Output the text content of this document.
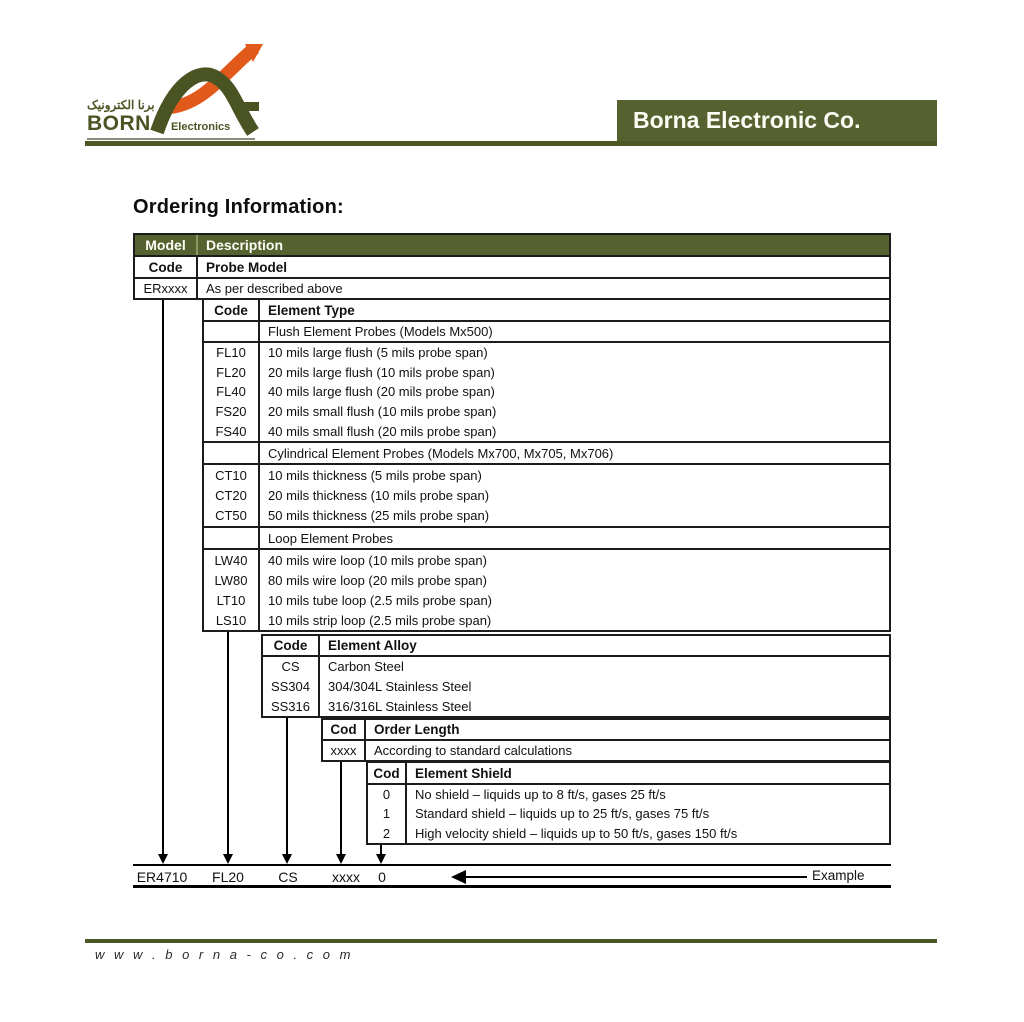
برنا الکترونیک
BORNA Electronics	Borna Electronic Co.
Ordering Information:
Model	Description
Code	Probe Model
ERxxxx	As per described above
Code	Element Type
Flush Element Probes (Models Mx500)
FL10	10 mils large flush (5 mils probe span)
FL20	20 mils large flush (10 mils probe span)
FL40	40 mils large flush (20 mils probe span)
FS20	20 mils small flush (10 mils probe span)
FS40	40 mils small flush (20 mils probe span)
Cylindrical Element Probes (Models Mx700, Mx705, Mx706)
CT10	10 mils thickness (5 mils probe span)
CT20	20 mils thickness (10 mils probe span)
CT50	50 mils thickness (25 mils probe span)
Loop Element Probes
LW40	40 mils wire loop (10 mils probe span)
LW80	80 mils wire loop (20 mils probe span)
LT10	10 mils tube loop (2.5 mils probe span)
LS10	10 mils strip loop (2.5 mils probe span)
Code	Element Alloy
CS	Carbon Steel
SS304	304/304L Stainless Steel
SS316	316/316L Stainless Steel
Cod	Order Length
xxxx	According to standard calculations
Cod	Element Shield
0	No shield – liquids up to 8 ft/s, gases 25 ft/s
1	Standard shield – liquids up to 25 ft/s, gases 75 ft/s
2	High velocity shield – liquids up to 50 ft/s, gases 150 ft/s
ER4710 FL20 CS xxxx 0	Example
w w w . b o r n a - c o . c o m
